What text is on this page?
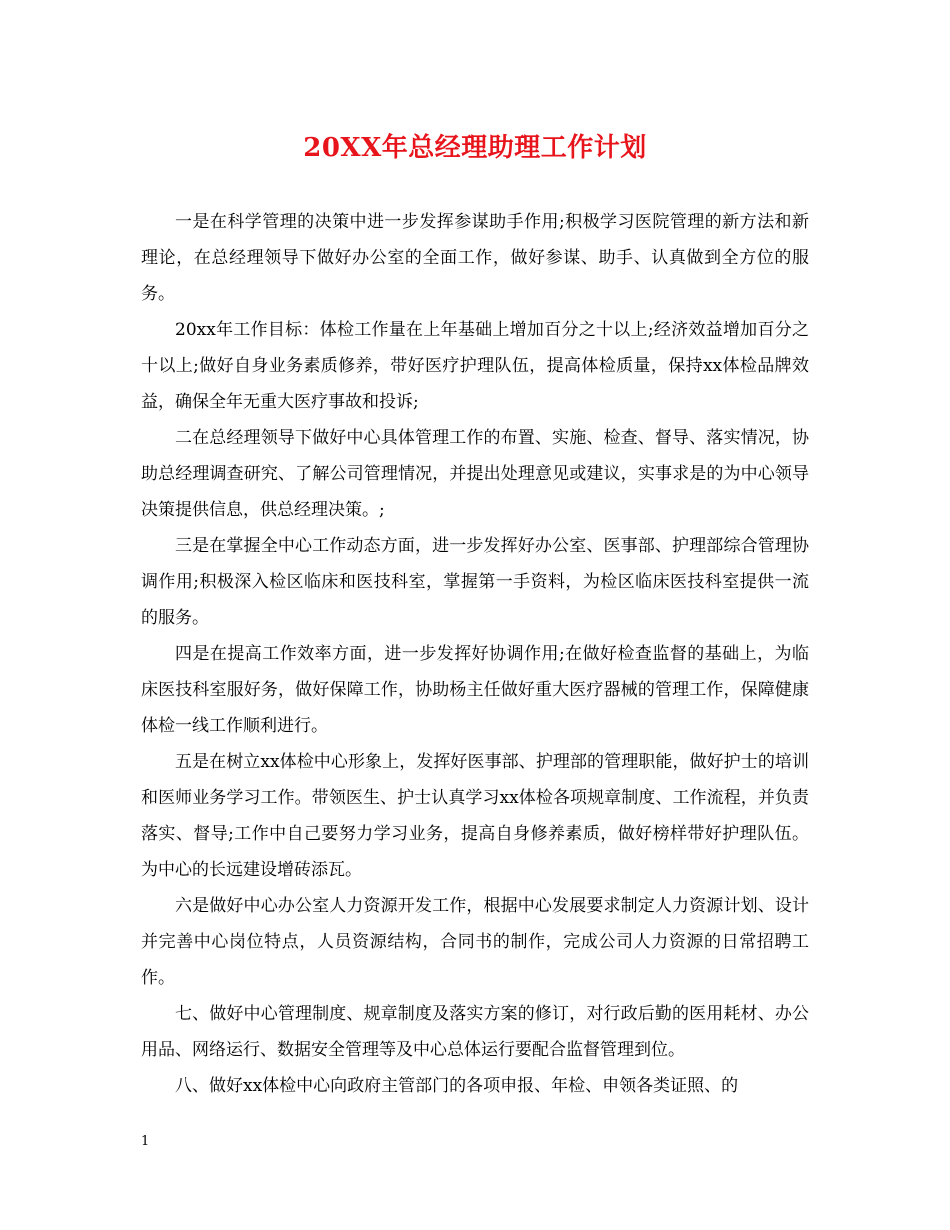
20XX年总经理助理工作计划

一是在科学管理的决策中进一步发挥参谋助手作用;积极学习医院管理的新方法和新理论，在总经理领导下做好办公室的全面工作，做好参谋、助手、认真做到全方位的服务。

20xx年工作目标：体检工作量在上年基础上增加百分之十以上;经济效益增加百分之十以上;做好自身业务素质修养，带好医疗护理队伍，提高体检质量，保持xx体检品牌效益，确保全年无重大医疗事故和投诉;

二在总经理领导下做好中心具体管理工作的布置、实施、检查、督导、落实情况，协助总经理调查研究、了解公司管理情况，并提出处理意见或建议，实事求是的为中心领导决策提供信息，供总经理决策。;

三是在掌握全中心工作动态方面，进一步发挥好办公室、医事部、护理部综合管理协调作用;积极深入检区临床和医技科室，掌握第一手资料，为检区临床医技科室提供一流的服务。

四是在提高工作效率方面，进一步发挥好协调作用;在做好检查监督的基础上，为临床医技科室服好务，做好保障工作，协助杨主任做好重大医疗器械的管理工作，保障健康体检一线工作顺利进行。

五是在树立xx体检中心形象上，发挥好医事部、护理部的管理职能，做好护士的培训和医师业务学习工作。带领医生、护士认真学习xx体检各项规章制度、工作流程，并负责落实、督导;工作中自己要努力学习业务，提高自身修养素质，做好榜样带好护理队伍。为中心的长远建设增砖添瓦。

六是做好中心办公室人力资源开发工作，根据中心发展要求制定人力资源计划、设计并完善中心岗位特点，人员资源结构，合同书的制作，完成公司人力资源的日常招聘工作。

七、做好中心管理制度、规章制度及落实方案的修订，对行政后勤的医用耗材、办公用品、网络运行、数据安全管理等及中心总体运行要配合监督管理到位。

八、做好xx体检中心向政府主管部门的各项申报、年检、申领各类证照、的

1
